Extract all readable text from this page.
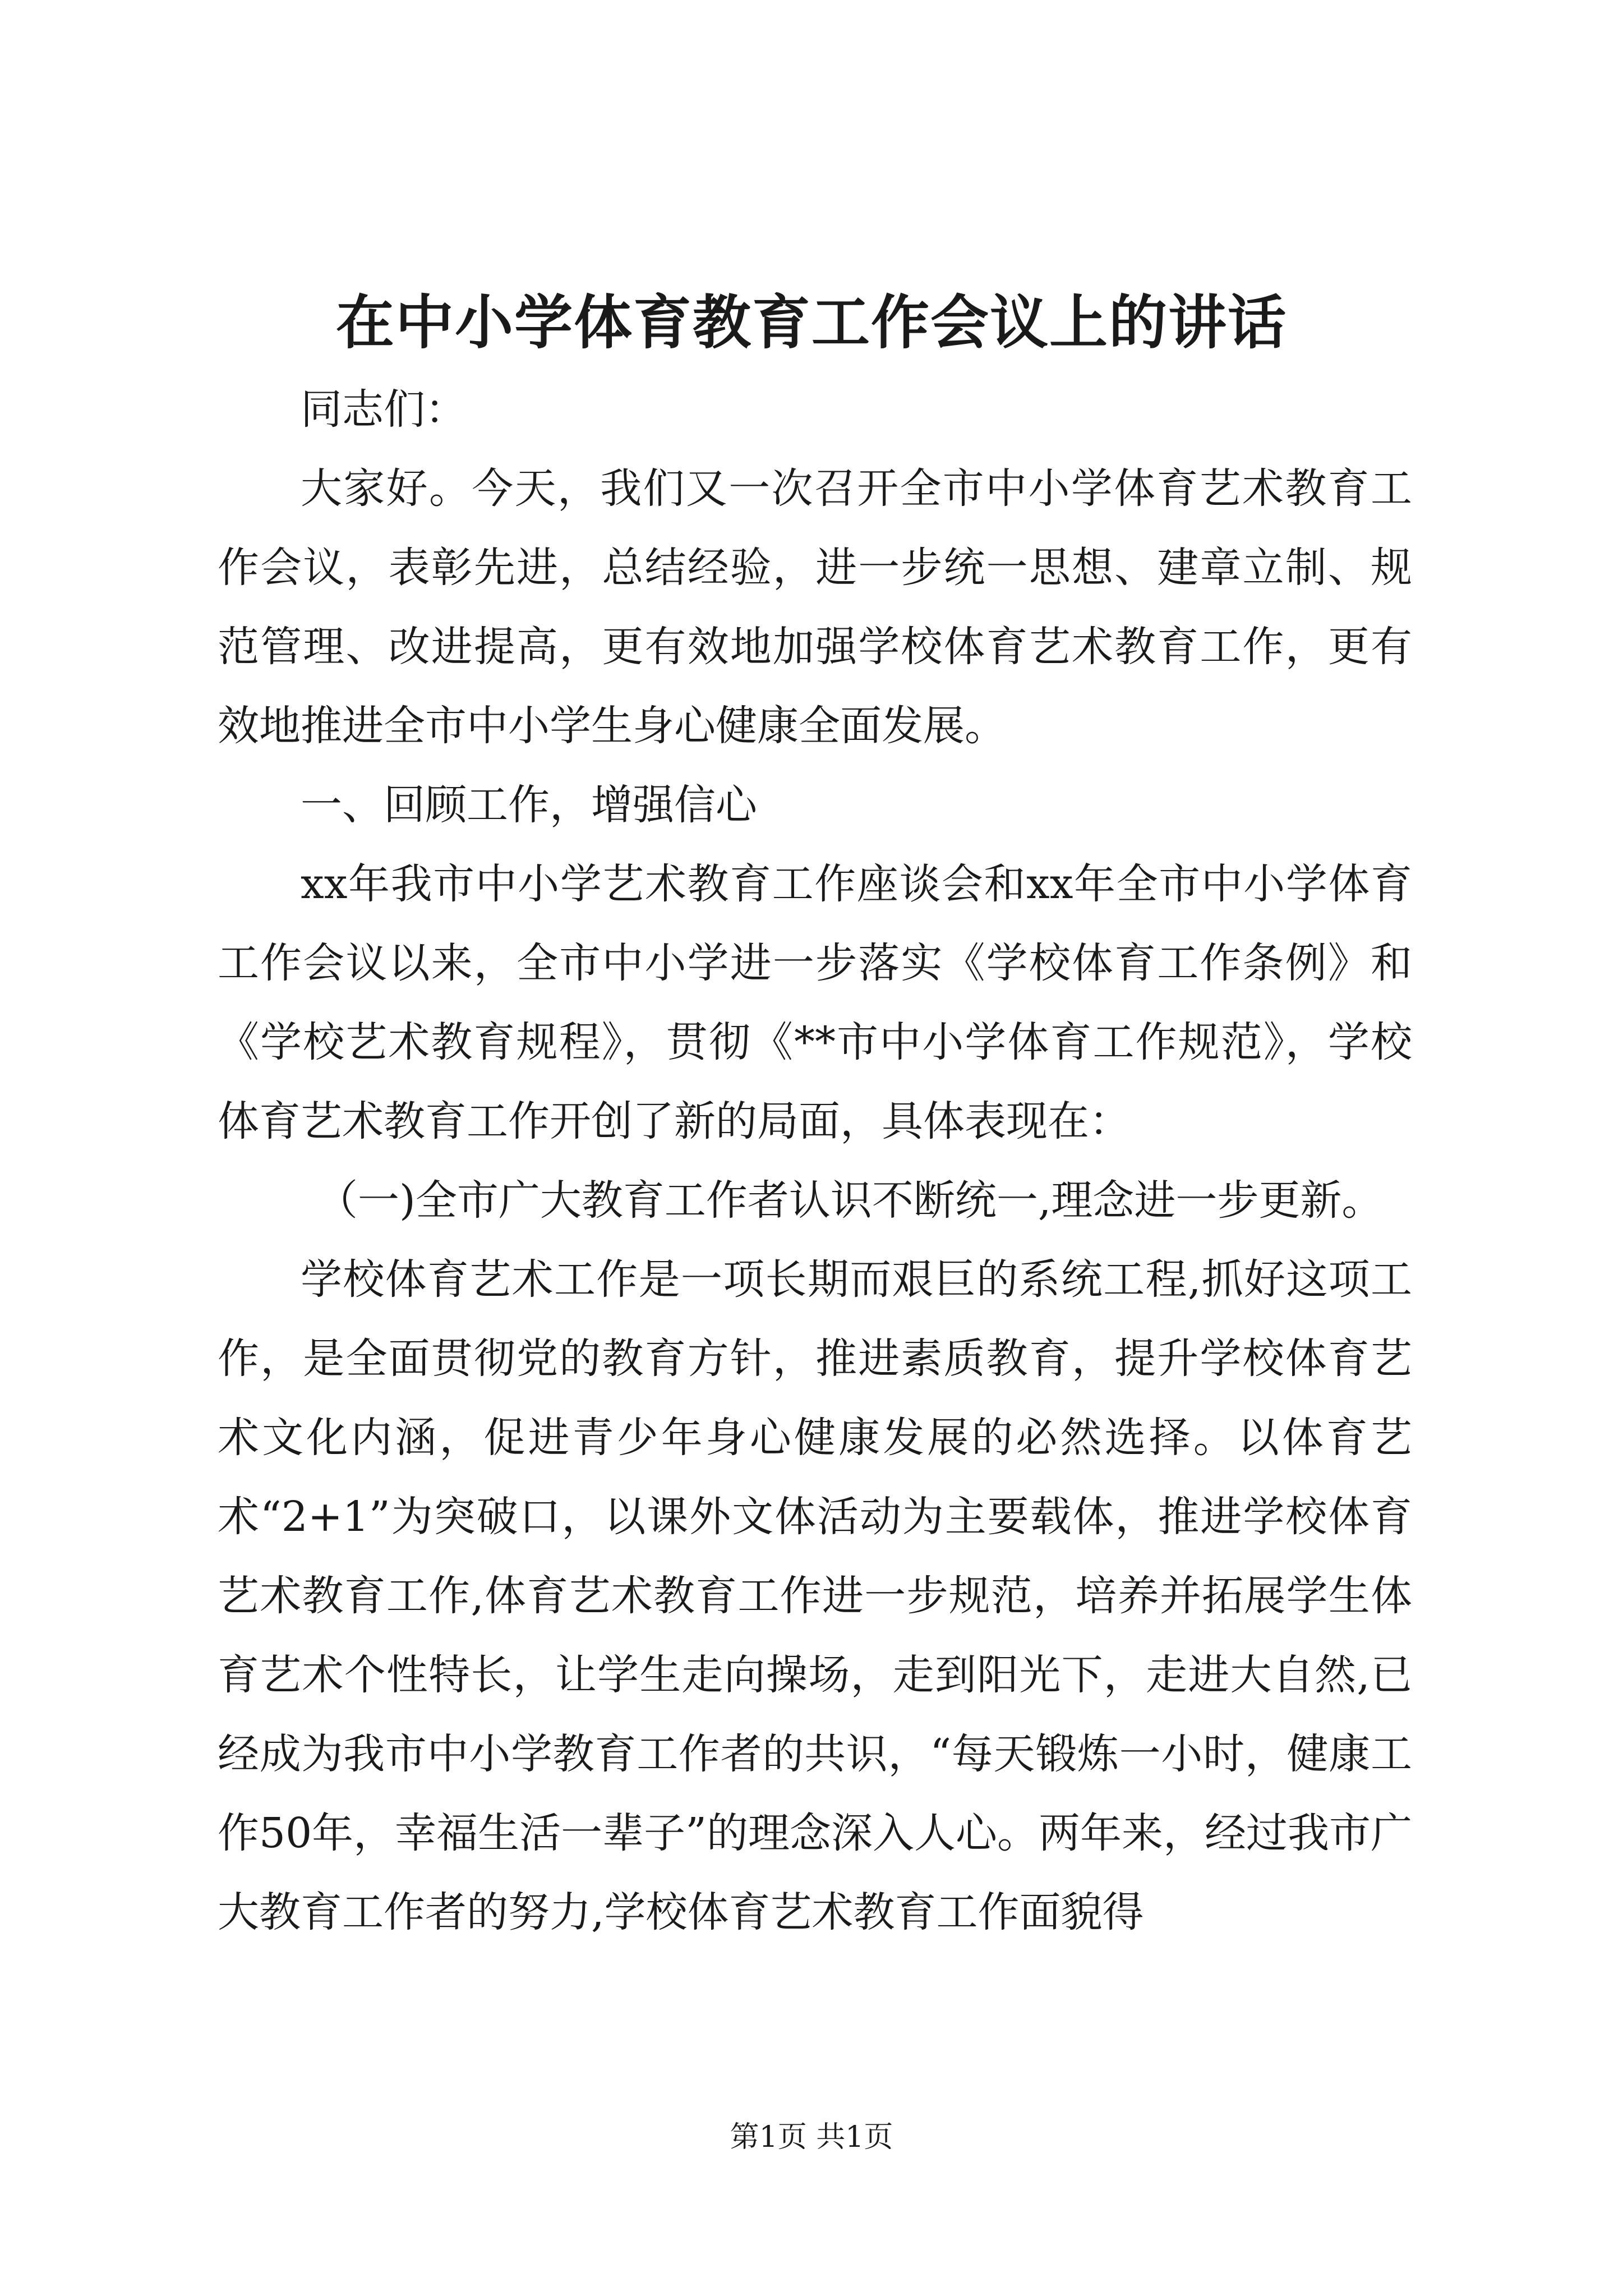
在中小学体育教育工作会议上的讲话

同志们：

大家好。今天，我们又一次召开全市中小学体育艺术教育工作会议，表彰先进，总结经验，进一步统一思想、建章立制、规范管理、改进提高，更有效地加强学校体育艺术教育工作，更有效地推进全市中小学生身心健康全面发展。

一、回顾工作，增强信心

xx年我市中小学艺术教育工作座谈会和xx年全市中小学体育工作会议以来，全市中小学进一步落实《学校体育工作条例》和《学校艺术教育规程》，贯彻《**市中小学体育工作规范》，学校体育艺术教育工作开创了新的局面，具体表现在：

（一)全市广大教育工作者认识不断统一,理念进一步更新。

学校体育艺术工作是一项长期而艰巨的系统工程,抓好这项工作，是全面贯彻党的教育方针，推进素质教育，提升学校体育艺术文化内涵，促进青少年身心健康发展的必然选择。以体育艺术“2+1”为突破口，以课外文体活动为主要载体，推进学校体育艺术教育工作,体育艺术教育工作进一步规范，培养并拓展学生体育艺术个性特长，让学生走向操场，走到阳光下，走进大自然,已经成为我市中小学教育工作者的共识，“每天锻炼一小时，健康工作50年，幸福生活一辈子”的理念深入人心。两年来，经过我市广大教育工作者的努力,学校体育艺术教育工作面貌得

第1页 共1页
